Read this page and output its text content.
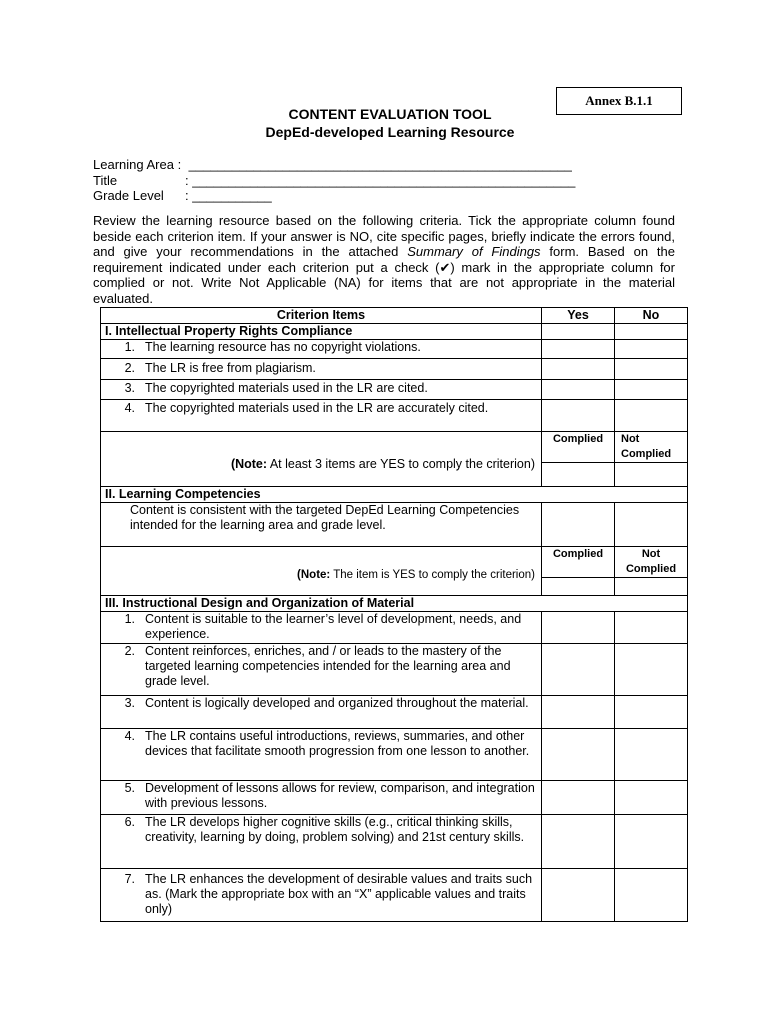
Annex B.1.1
CONTENT EVALUATION TOOL
DepEd-developed Learning Resource
Learning Area : _____________________________________________________
Title	: _____________________________________________________
Grade Level	: ___________
Review the learning resource based on the following criteria. Tick the appropriate column found beside each criterion item. If your answer is NO, cite specific pages, briefly indicate the errors found, and give your recommendations in the attached Summary of Findings form. Based on the requirement indicated under each criterion put a check (✔) mark in the appropriate column for complied or not. Write Not Applicable (NA) for items that are not appropriate in the material evaluated.
Criterion Items	Yes	No
I. Intellectual Property Rights Compliance		

1. The learning resource has no copyright violations.		

2. The LR is free from plagiarism.		

3. The copyrighted materials used in the LR are cited.		

4. The copyrighted materials used in the LR are accurately cited.		

(Note: At least 3 items are YES to comply the criterion)	Complied	Not Complied

II. Learning Competencies		

Content is consistent with the targeted DepEd Learning Competencies intended for the learning area and grade level.		

(Note: The item is YES to comply the criterion)	Complied	Not Complied

III. Instructional Design and Organization of Material		

1. Content is suitable to the learner’s level of development, needs, and experience.		

2. Content reinforces, enriches, and / or leads to the mastery of the targeted learning competencies intended for the learning area and grade level.		

3. Content is logically developed and organized throughout the material.		

4. The LR contains useful introductions, reviews, summaries, and other devices that facilitate smooth progression from one lesson to another.		

5. Development of lessons allows for review, comparison, and integration with previous lessons.		

6. The LR develops higher cognitive skills (e.g., critical thinking skills, creativity, learning by doing, problem solving) and 21st century skills.		

7. The LR enhances the development of desirable values and traits such as. (Mark the appropriate box with an “X” applicable values and traits only)		
